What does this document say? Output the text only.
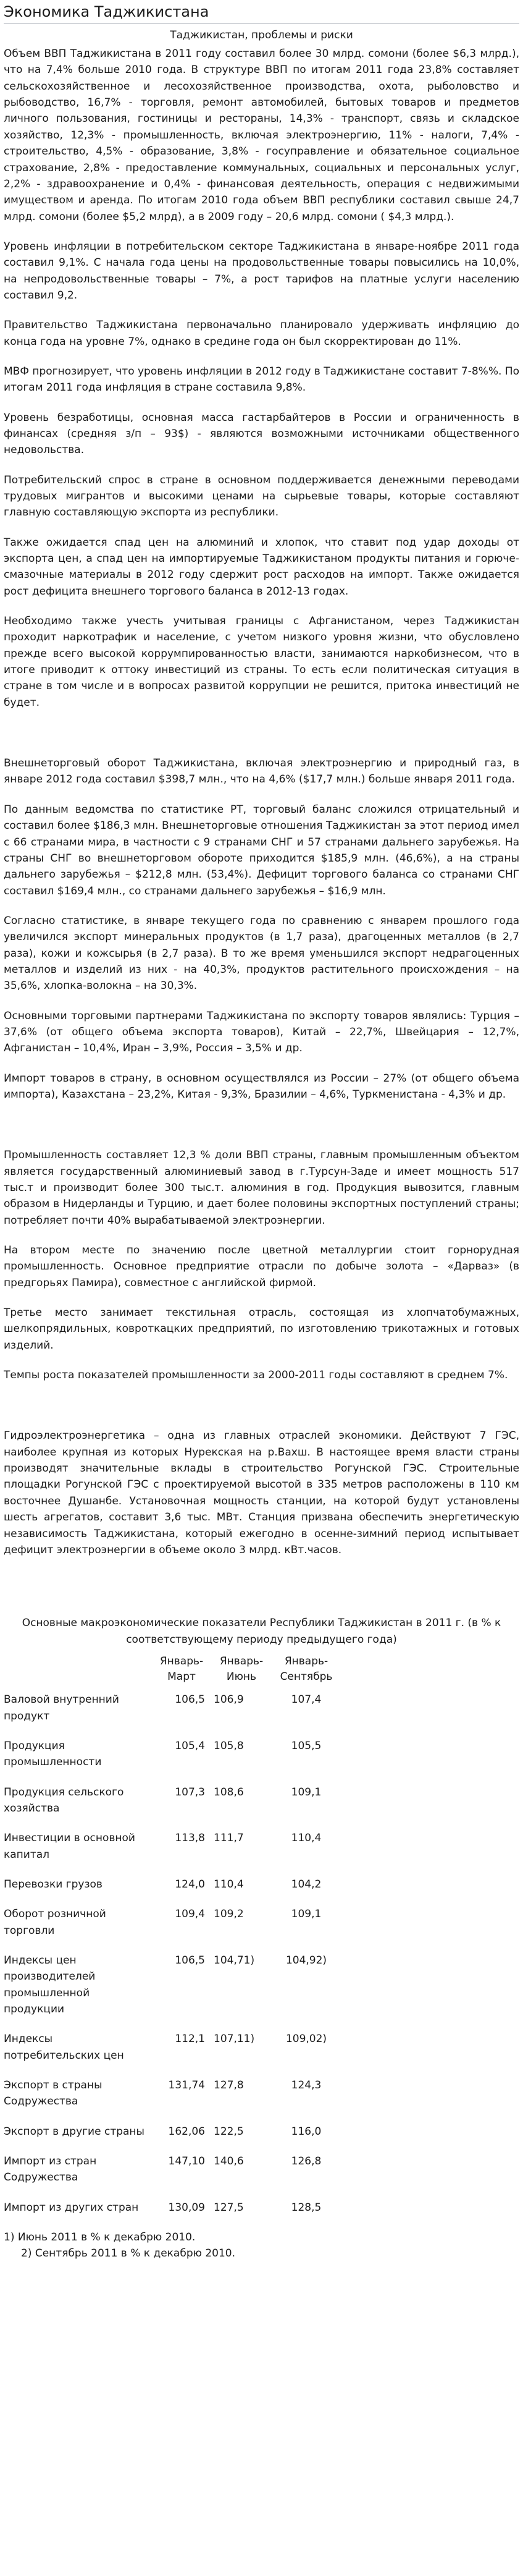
Экономика Таджикистана
Таджикистан, проблемы и риски

Объем ВВП Таджикистана в 2011 году составил более 30 млрд. сомони (более $6,3 млрд.), что на 7,4% больше 2010 года. В структуре ВВП по итогам 2011 года 23,8% составляет сельскохозяйственное и лесохозяйственное производства, охота, рыболовство и рыбоводство, 16,7% - торговля, ремонт автомобилей, бытовых товаров и предметов личного пользования, гостиницы и рестораны, 14,3% - транспорт, связь и складское хозяйство, 12,3% - промышленность, включая электроэнергию, 11% - налоги, 7,4% - строительство, 4,5% - образование, 3,8% - госуправление и обязательное социальное страхование, 2,8% - предоставление коммунальных, социальных и персональных услуг, 2,2% - здравоохранение и 0,4% - финансовая деятельность, операция с недвижимыми имуществом и аренда. По итогам 2010 года объем ВВП республики составил свыше 24,7 млрд. сомони (более $5,2 млрд), а в 2009 году – 20,6 млрд. сомони ( $4,3 млрд.).

Уровень инфляции в потребительском секторе Таджикистана в январе-ноябре 2011 года составил 9,1%. С начала года цены на продовольственные товары повысились на 10,0%, на непродовольственные товары – 7%, а рост тарифов на платные услуги населению составил 9,2.

Правительство Таджикистана первоначально планировало удерживать инфляцию до конца года на уровне 7%, однако в средине года он был скорректирован до 11%.

МВФ прогнозирует, что уровень инфляции в 2012 году в Таджикистане составит 7-8%%. По итогам 2011 года инфляция в стране составила 9,8%.

Уровень безработицы, основная масса гастарбайтеров в России и ограниченность в финансах (средняя з/п – 93$) - являются возможными источниками общественного недовольства.

Потребительский спрос в стране в основном поддерживается денежными переводами трудовых мигрантов и высокими ценами на сырьевые товары, которые составляют главную составляющую экспорта из республики.

Также ожидается спад цен на алюминий и хлопок, что ставит под удар доходы от экспорта цен, а спад цен на импортируемые Таджикистаном продукты питания и горюче-смазочные материалы в 2012 году сдержит рост расходов на импорт. Также ожидается рост дефицита внешнего торгового баланса в 2012-13 годах.

Необходимо также учесть учитывая границы с Афганистаном, через Таджикистан проходит наркотрафик и население, с учетом низкого уровня жизни, что обусловлено прежде всего высокой коррумпированностью власти, занимаются наркобизнесом, что в итоге приводит к оттоку инвестиций из страны. То есть если политическая ситуация в стране в том числе и в вопросах развитой коррупции не решится, притока инвестиций не будет.

Внешнеторговый оборот Таджикистана, включая электроэнергию и природный газ, в январе 2012 года составил $398,7 млн., что на 4,6% ($17,7 млн.) больше января 2011 года.

По данным ведомства по статистике РТ, торговый баланс сложился отрицательный и составил более $186,3 млн. Внешнеторговые отношения Таджикистан за этот период имел с 66 странами мира, в частности с 9 странами СНГ и 57 странами дальнего зарубежья. На страны СНГ во внешнеторговом обороте приходится $185,9 млн. (46,6%), а на страны дальнего зарубежья – $212,8 млн. (53,4%). Дефицит торгового баланса со странами СНГ составил $169,4 млн., со странами дальнего зарубежья – $16,9 млн.

Согласно статистике, в январе текущего года по сравнению с январем прошлого года увеличился экспорт минеральных продуктов (в 1,7 раза), драгоценных металлов (в 2,7 раза), кожи и кожсырья (в 2,7 раза). В то же время уменьшился экспорт недрагоценных металлов и изделий из них - на 40,3%, продуктов растительного происхождения – на 35,6%, хлопка-волокна – на 30,3%.

Основными торговыми партнерами Таджикистана по экспорту товаров являлись: Турция – 37,6% (от общего объема экспорта товаров), Китай – 22,7%, Швейцария – 12,7%, Афганистан – 10,4%, Иран – 3,9%, Россия – 3,5% и др.

Импорт товаров в страну, в основном осуществлялся из России – 27% (от общего объема импорта), Казахстана – 23,2%, Китая - 9,3%, Бразилии – 4,6%, Туркменистана - 4,3% и др.

Промышленность составляет 12,3 % доли ВВП страны, главным промышленным объектом является государственный алюминиевый завод в г.Турсун-Заде и имеет мощность 517 тыс.т и производит более 300 тыс.т. алюминия в год. Продукция вывозится, главным образом в Нидерланды и Турцию, и дает более половины экспортных поступлений страны; потребляет почти 40% вырабатываемой электроэнергии.

На втором месте по значению после цветной металлургии стоит горнорудная промышленность. Основное предприятие отрасли по добыче золота – «Дарваз» (в предгорьях Памира), совместное с английской фирмой.

Третье место занимает текстильная отрасль, состоящая из хлопчатобумажных, шелкопрядильных, ковроткацких предприятий, по изготовлению трикотажных и готовых изделий.

Темпы роста показателей промышленности за 2000-2011 годы составляют в среднем 7%.

Гидроэлектроэнергетика – одна из главных отраслей экономики. Действуют 7 ГЭС, наиболее крупная из которых Нурекская на р.Вахш. В настоящее время власти страны производят значительные вклады в строительство Рогунской ГЭС. Строительные площадки Рогунской ГЭС с проектируемой высотой в 335 метров расположены в 110 км восточнее Душанбе. Установочная мощность станции, на которой будут установлены шесть агрегатов, составит 3,6 тыс. МВт. Станция призвана обеспечить энергетическую независимость Таджикистана, который ежегодно в осенне-зимний период испытывает дефицит электроэнергии в объеме около 3 млрд. кВт.часов.

Основные макроэкономические показатели Республики Таджикистан в 2011 г. (в % к соответствующему периоду предыдущего года)
	Январь-Март	Январь-Июнь	Январь-Сентябрь
Валовой внутренний продукт	106,5	106,9	107,4
Продукция промышленности	105,4	105,8	105,5
Продукция сельского хозяйства	107,3	108,6	109,1
Инвестиции в основной капитал	113,8	111,7	110,4
Перевозки грузов	124,0	110,4	104,2
Оборот розничной торговли	109,4	109,2	109,1
Индексы цен производителей промышленной продукции	106,5	104,71)	104,92)
Индексы потребительских цен	112,1	107,11)	109,02)
Экспорт в страны Содружества	131,74	127,8	124,3
Экспорт в другие страны	162,06	122,5	116,0
Импорт из стран Содружества	147,10	140,6	126,8
Импорт из других стран	130,09	127,5	128,5
1) Июнь 2011 в % к декабрю 2010.
2) Сентябрь 2011 в % к декабрю 2010.
